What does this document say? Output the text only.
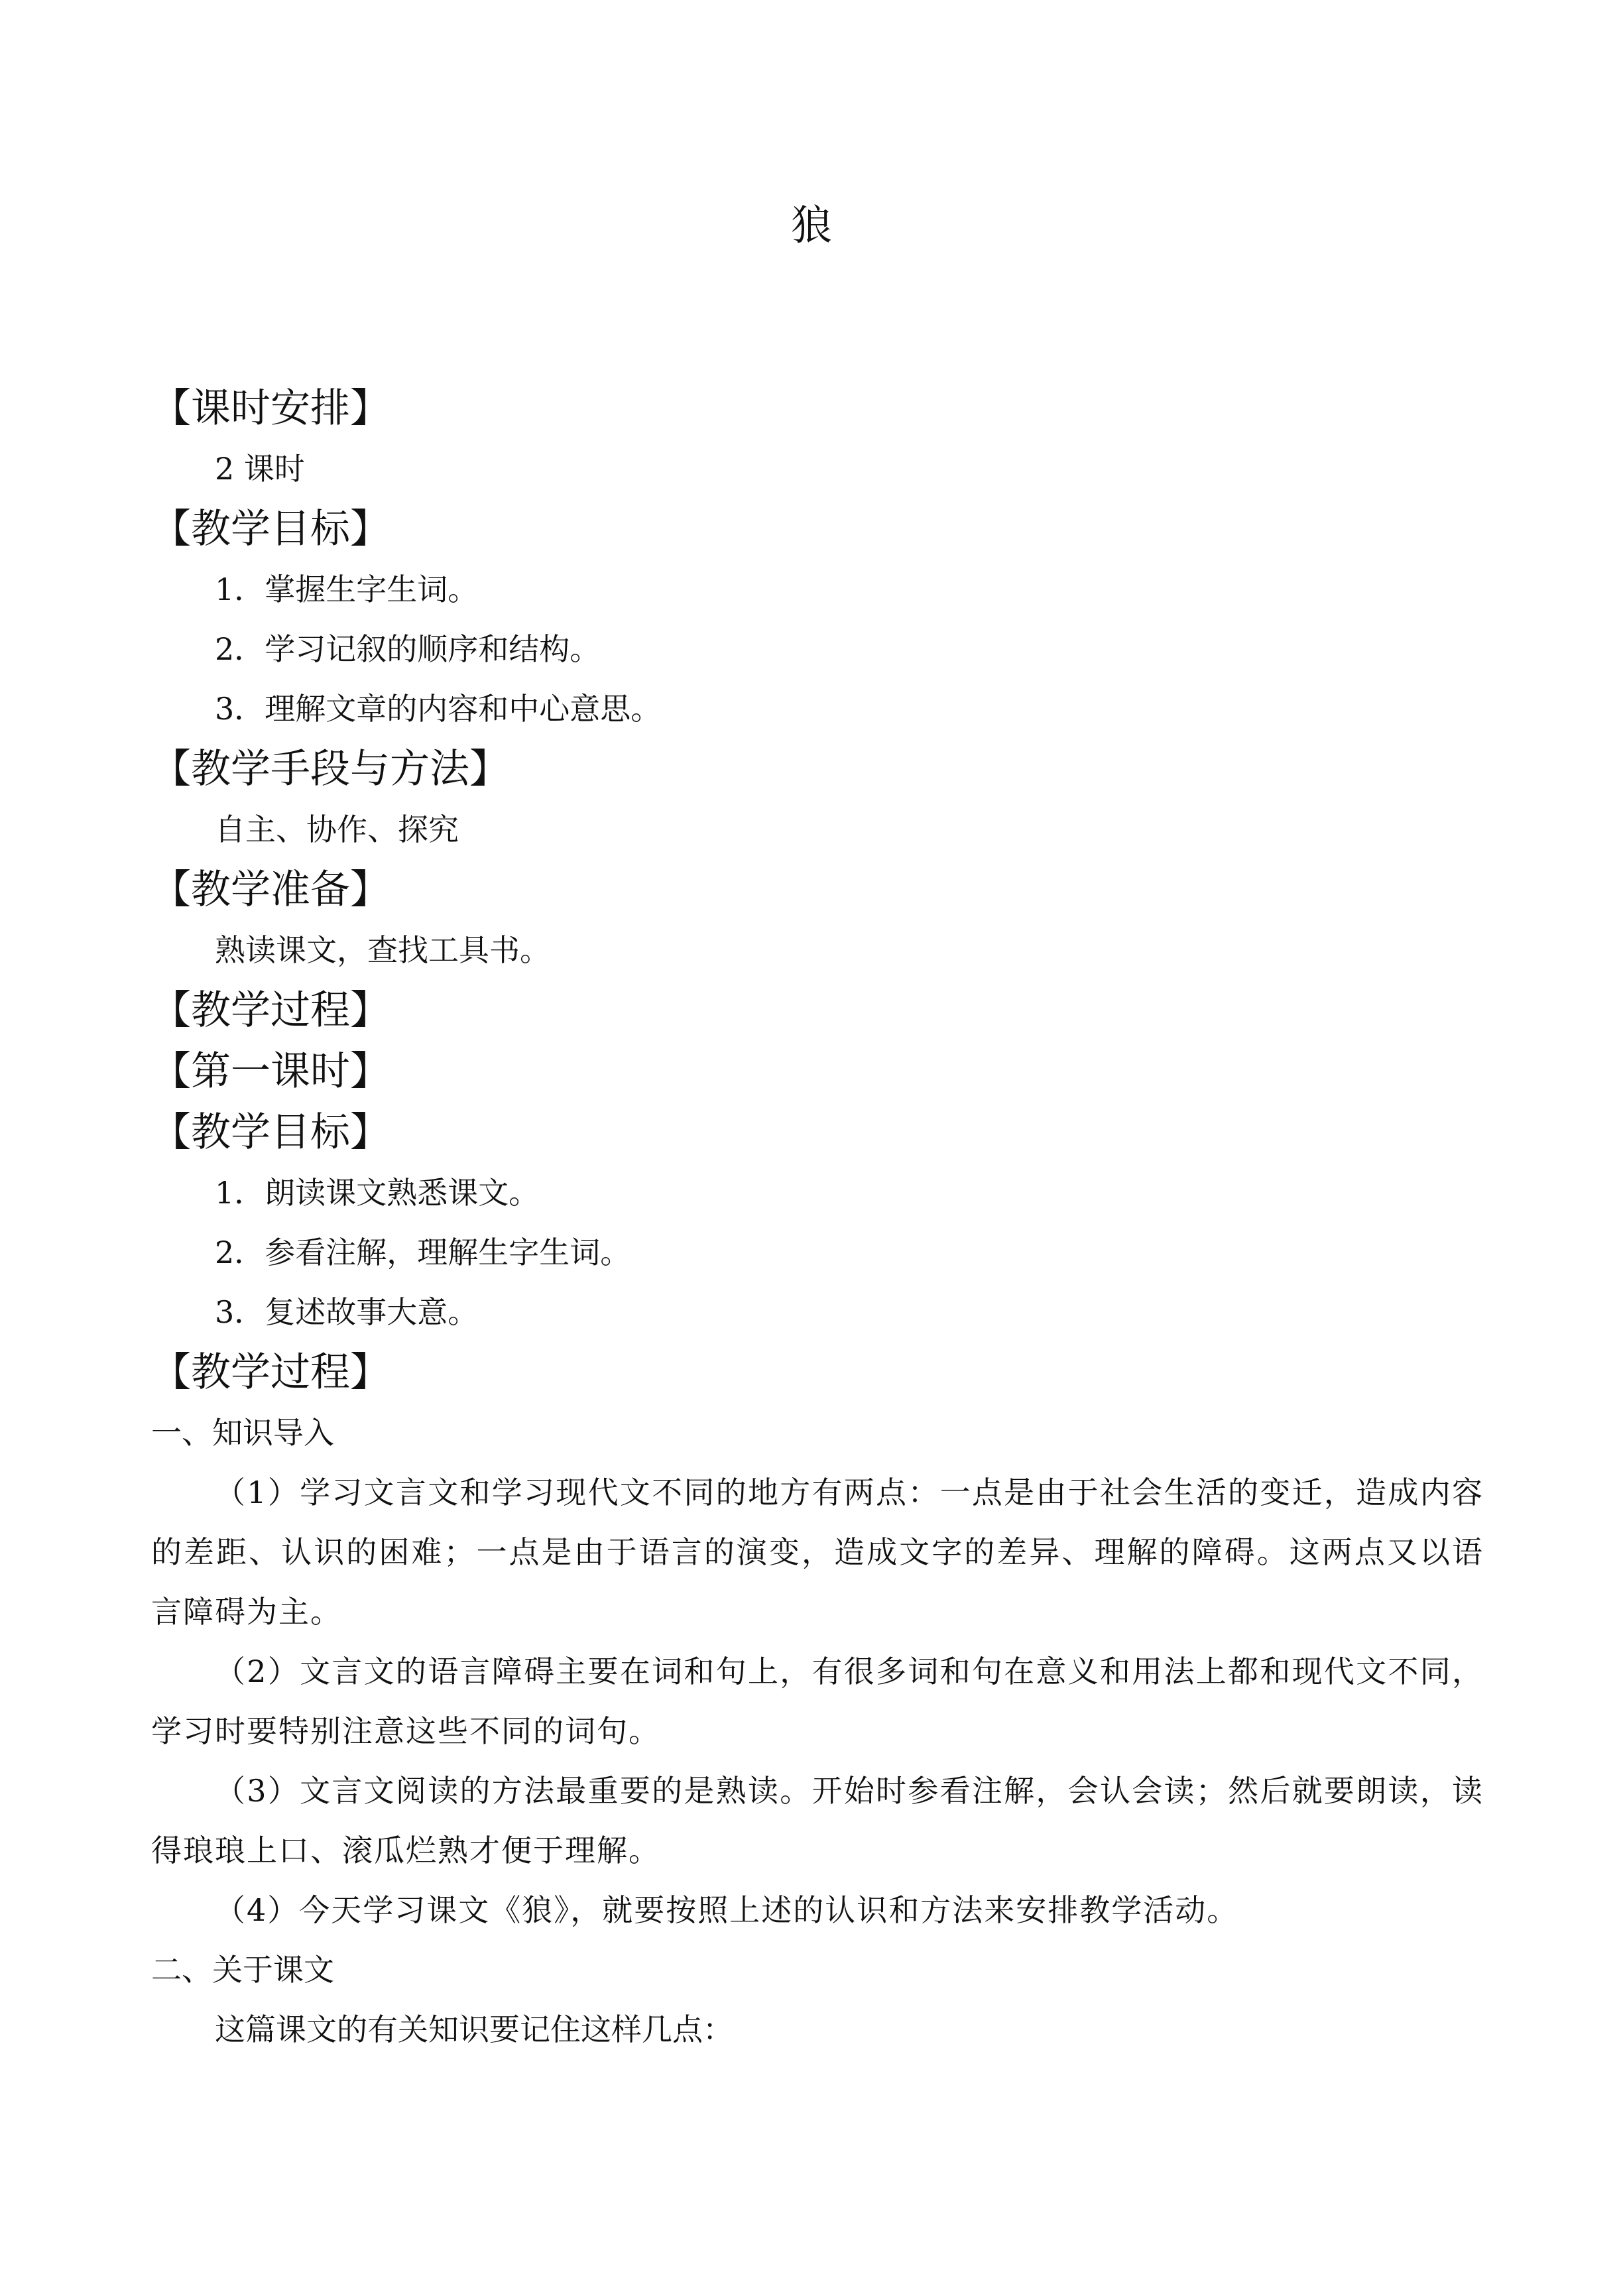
狼
【课时安排】
2 课时
【教学目标】
1．掌握生字生词。
2．学习记叙的顺序和结构。
3．理解文章的内容和中心意思。
【教学手段与方法】
自主、协作、探究
【教学准备】
熟读课文，查找工具书。
【教学过程】
【第一课时】
【教学目标】
1．朗读课文熟悉课文。
2．参看注解，理解生字生词。
3．复述故事大意。
【教学过程】
一、知识导入
（1）学习文言文和学习现代文不同的地方有两点：一点是由于社会生活的变迁，造成内容的差距、认识的困难；一点是由于语言的演变，造成文字的差异、理解的障碍。这两点又以语言障碍为主。
（2）文言文的语言障碍主要在词和句上，有很多词和句在意义和用法上都和现代文不同，学习时要特别注意这些不同的词句。
（3）文言文阅读的方法最重要的是熟读。开始时参看注解，会认会读；然后就要朗读，读得琅琅上口、滚瓜烂熟才便于理解。
（4）今天学习课文《狼》，就要按照上述的认识和方法来安排教学活动。
二、关于课文
这篇课文的有关知识要记住这样几点：
